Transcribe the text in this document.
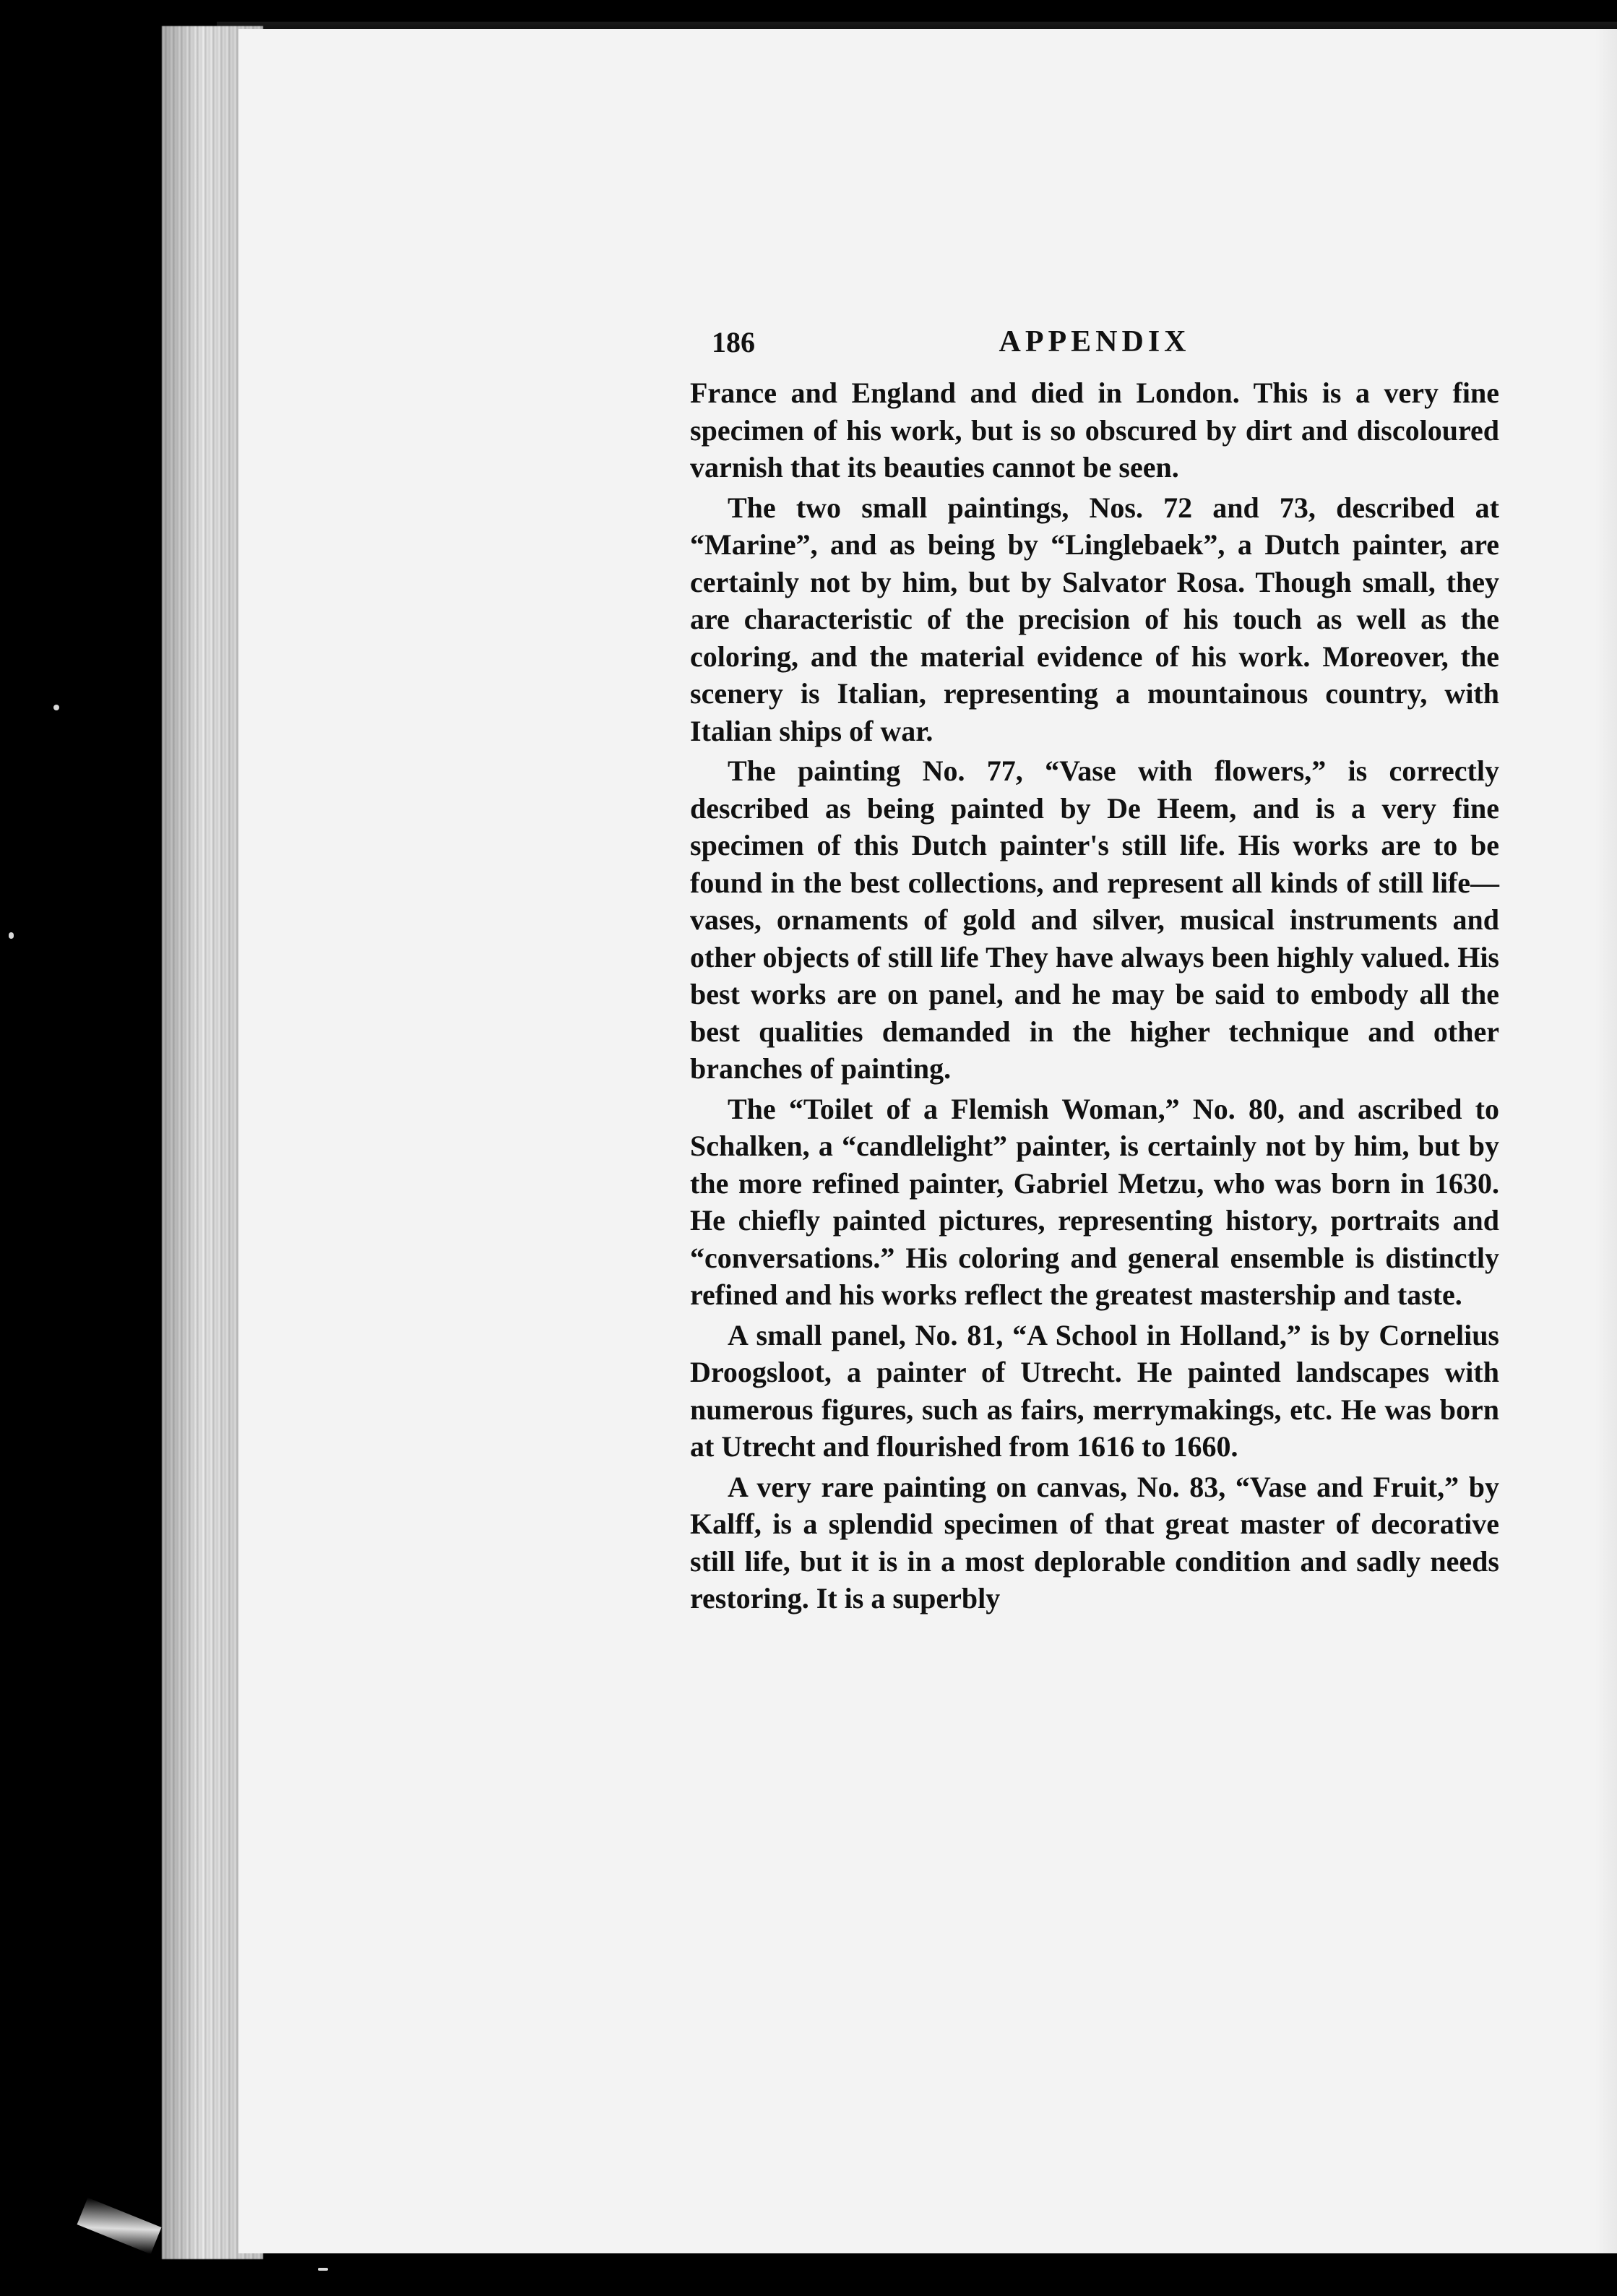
186	APPENDIX

France and England and died in London. This is a very fine specimen of his work, but is so obscured by dirt and discoloured varnish that its beauties cannot be seen.

The two small paintings, Nos. 72 and 73, described at “Marine”, and as being by “Linglebaek”, a Dutch painter, are certainly not by him, but by Salvator Rosa. Though small, they are characteristic of the precision of his touch as well as the coloring, and the material evidence of his work. Moreover, the scenery is Italian, representing a mountainous country, with Italian ships of war.

The painting No. 77, “Vase with flowers,” is correctly described as being painted by De Heem, and is a very fine specimen of this Dutch painter's still life. His works are to be found in the best collections, and represent all kinds of still life—vases, ornaments of gold and silver, musical instruments and other objects of still life They have always been highly valued. His best works are on panel, and he may be said to embody all the best qualities demanded in the higher technique and other branches of painting.

The “Toilet of a Flemish Woman,” No. 80, and ascribed to Schalken, a “candlelight” painter, is certainly not by him, but by the more refined painter, Gabriel Metzu, who was born in 1630. He chiefly painted pictures, representing history, portraits and “conversations.” His coloring and general ensemble is distinctly refined and his works reflect the greatest mastership and taste.

A small panel, No. 81, “A School in Holland,” is by Cornelius Droogsloot, a painter of Utrecht. He painted landscapes with numerous figures, such as fairs, merrymakings, etc. He was born at Utrecht and flourished from 1616 to 1660.

A very rare painting on canvas, No. 83, “Vase and Fruit,” by Kalff, is a splendid specimen of that great master of decorative still life, but it is in a most deplorable condition and sadly needs restoring. It is a superbly
